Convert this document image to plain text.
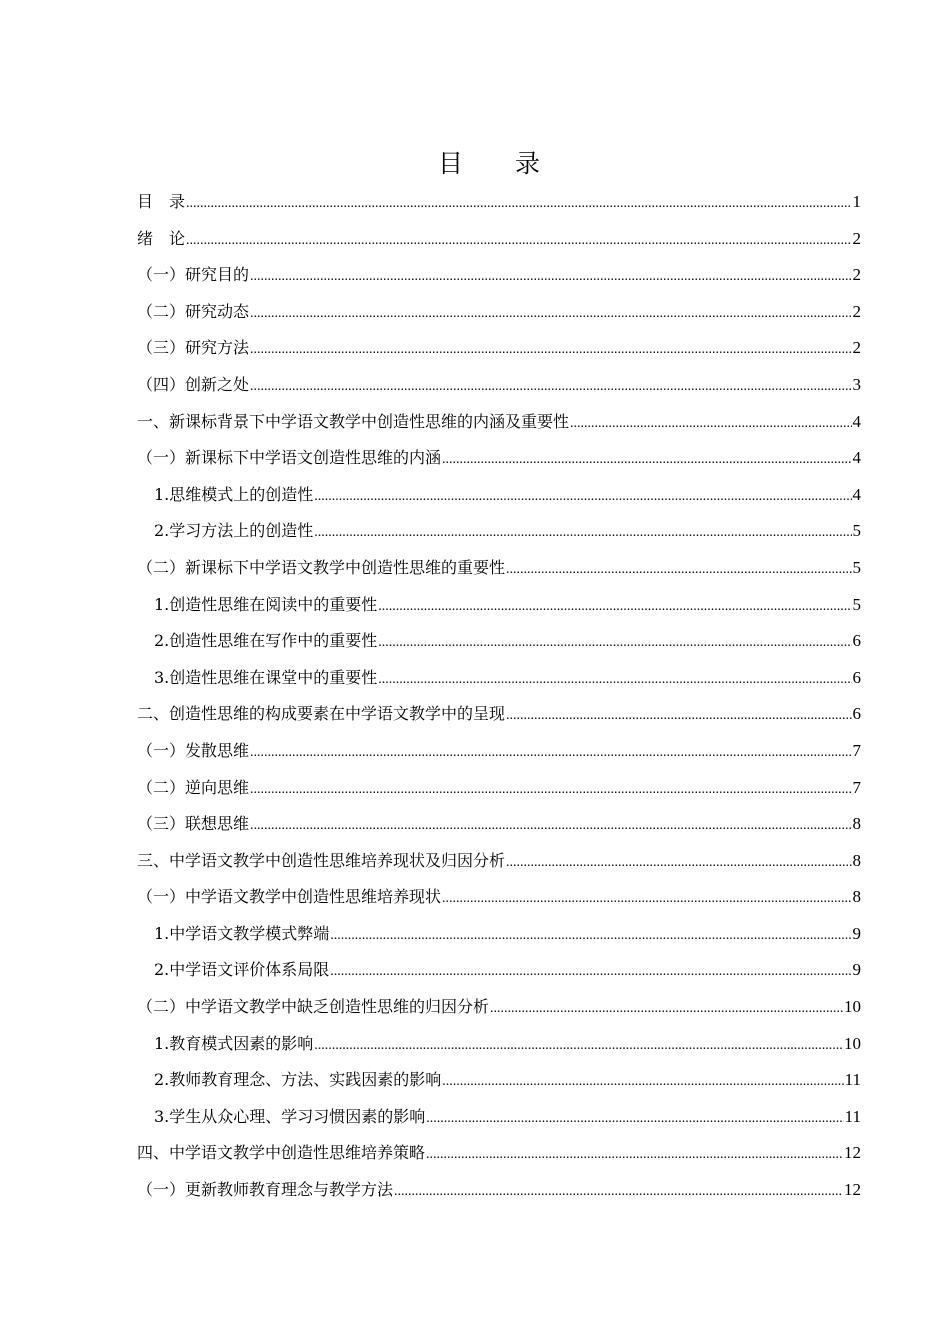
目 录
目　录 .....	1
绪　论 .....	2
（一）研究目的 .....	2
（二）研究动态 .....	2
（三）研究方法 .....	2
（四）创新之处 .....	3
一、新课标背景下中学语文教学中创造性思维的内涵及重要性 .....	4
（一）新课标下中学语文创造性思维的内涵 .....	4
1.思维模式上的创造性 .....	4
2.学习方法上的创造性 .....	5
（二）新课标下中学语文教学中创造性思维的重要性 .....	5
1.创造性思维在阅读中的重要性 .....	5
2.创造性思维在写作中的重要性 .....	6
3.创造性思维在课堂中的重要性 .....	6
二、创造性思维的构成要素在中学语文教学中的呈现 .....	6
（一）发散思维 .....	7
（二）逆向思维 .....	7
（三）联想思维 .....	8
三、中学语文教学中创造性思维培养现状及归因分析 .....	8
（一）中学语文教学中创造性思维培养现状 .....	8
1.中学语文教学模式弊端 .....	9
2.中学语文评价体系局限 .....	9
（二）中学语文教学中缺乏创造性思维的归因分析 .....	10
1.教育模式因素的影响 .....	10
2.教师教育理念、方法、实践因素的影响 .....	11
3.学生从众心理、学习习惯因素的影响 .....	11
四、中学语文教学中创造性思维培养策略 .....	12
（一）更新教师教育理念与教学方法 .....	12
